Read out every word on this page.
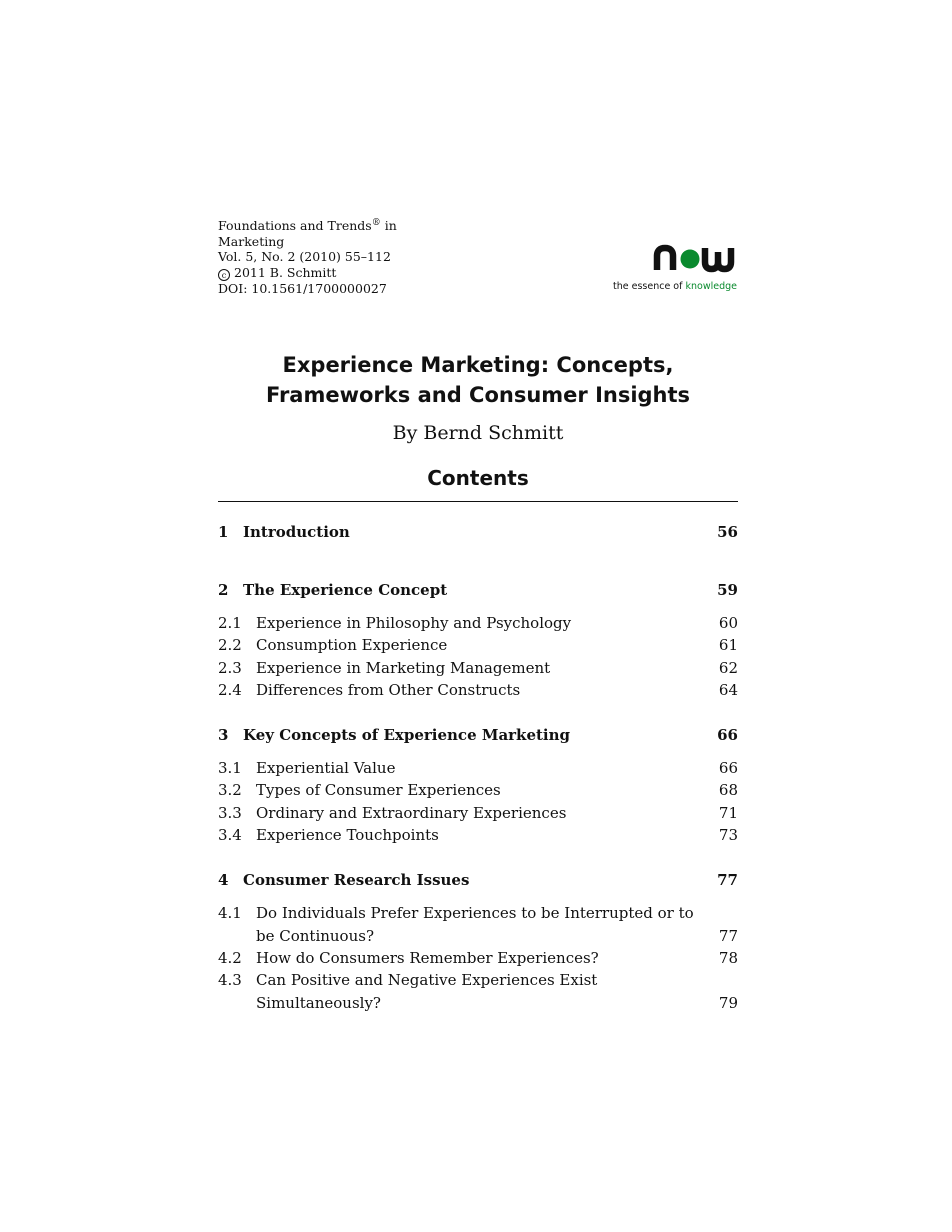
Foundations and Trends® in
Marketing
Vol. 5, No. 2 (2010) 55–112
c 2011 B. Schmitt
DOI: 10.1561/1700000027	the essence of knowledge
Experience Marketing: Concepts,
Frameworks and Consumer Insights
By Bernd Schmitt
Contents
1 Introduction	56
2 The Experience Concept	59
2.1 Experience in Philosophy and Psychology	60
2.2 Consumption Experience	61
2.3 Experience in Marketing Management	62
2.4 Differences from Other Constructs	64
3 Key Concepts of Experience Marketing	66
3.1 Experiential Value	66
3.2 Types of Consumer Experiences	68
3.3 Ordinary and Extraordinary Experiences	71
3.4 Experience Touchpoints	73
4 Consumer Research Issues	77
4.1 Do Individuals Prefer Experiences to be Interrupted or to be Continuous?	77
4.2 How do Consumers Remember Experiences?	78
4.3 Can Positive and Negative Experiences Exist Simultaneously?	79
